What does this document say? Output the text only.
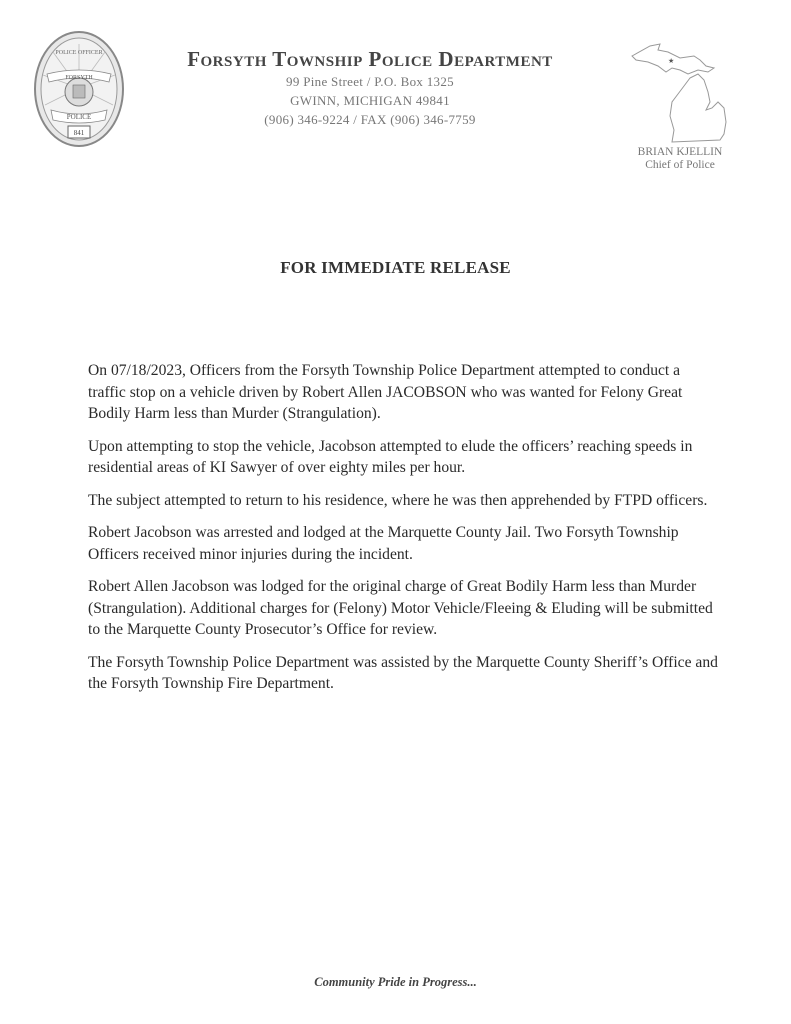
POLICE OFFICER
FORSYTH
POLICE
841
Forsyth Township Police Department
99 Pine Street / P.O. Box 1325
GWINN, MICHIGAN 49841
(906) 346-9224 / FAX (906) 346-7759
★
BRIAN KJELLIN
Chief of Police
FOR IMMEDIATE RELEASE

On 07/18/2023, Officers from the Forsyth Township Police Department attempted to conduct a traffic stop on a vehicle driven by Robert Allen JACOBSON who was wanted for Felony Great Bodily Harm less than Murder (Strangulation).

Upon attempting to stop the vehicle, Jacobson attempted to elude the officers’ reaching speeds in residential areas of KI Sawyer of over eighty miles per hour.

The subject attempted to return to his residence, where he was then apprehended by FTPD officers.

Robert Jacobson was arrested and lodged at the Marquette County Jail. Two Forsyth Township Officers received minor injuries during the incident.

Robert Allen Jacobson was lodged for the original charge of Great Bodily Harm less than Murder (Strangulation). Additional charges for (Felony) Motor Vehicle/Fleeing & Eluding will be submitted to the Marquette County Prosecutor’s Office for review.

The Forsyth Township Police Department was assisted by the Marquette County Sheriff’s Office and the Forsyth Township Fire Department.

Community Pride in Progress...
